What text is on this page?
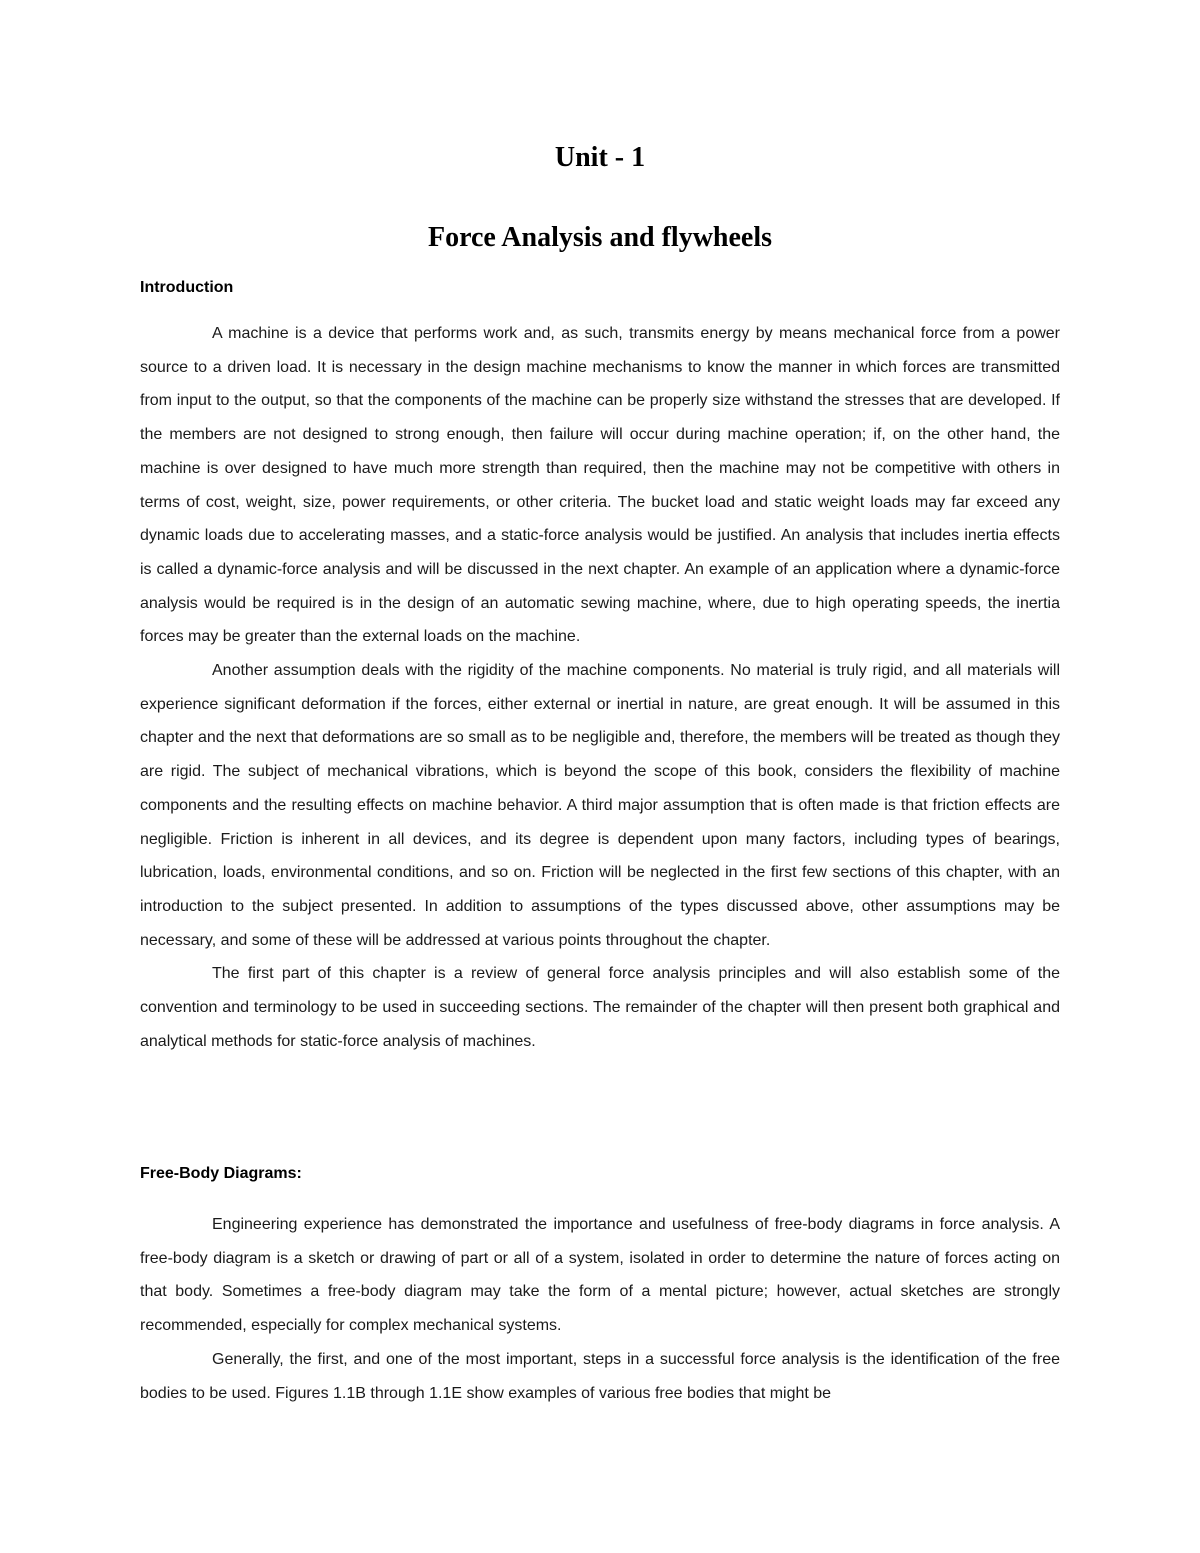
Unit - 1
Force Analysis and flywheels
Introduction

A machine is a device that performs work and, as such, transmits energy by means mechanical force from a power source to a driven load. It is necessary in the design machine mechanisms to know the manner in which forces are transmitted from input to the output, so that the components of the machine can be properly size withstand the stresses that are developed. If the members are not designed to strong enough, then failure will occur during machine operation; if, on the other hand, the machine is over designed to have much more strength than required, then the machine may not be competitive with others in terms of cost, weight, size, power requirements, or other criteria. The bucket load and static weight loads may far exceed any dynamic loads due to accelerating masses, and a static-force analysis would be justified. An analysis that includes inertia effects is called a dynamic-force analysis and will be discussed in the next chapter. An example of an application where a dynamic-force analysis would be required is in the design of an automatic sewing machine, where, due to high operating speeds, the inertia forces may be greater than the external loads on the machine.

Another assumption deals with the rigidity of the machine components. No material is truly rigid, and all materials will experience significant deformation if the forces, either external or inertial in nature, are great enough. It will be assumed in this chapter and the next that deformations are so small as to be negligible and, therefore, the members will be treated as though they are rigid. The subject of mechanical vibrations, which is beyond the scope of this book, considers the flexibility of machine components and the resulting effects on machine behavior. A third major assumption that is often made is that friction effects are negligible. Friction is inherent in all devices, and its degree is dependent upon many factors, including types of bearings, lubrication, loads, environmental conditions, and so on. Friction will be neglected in the first few sections of this chapter, with an introduction to the subject presented. In addition to assumptions of the types discussed above, other assumptions may be necessary, and some of these will be addressed at various points throughout the chapter.

The first part of this chapter is a review of general force analysis principles and will also establish some of the convention and terminology to be used in succeeding sections. The remainder of the chapter will then present both graphical and analytical methods for static-force analysis of machines.

Free-Body Diagrams:

Engineering experience has demonstrated the importance and usefulness of free-body diagrams in force analysis. A free-body diagram is a sketch or drawing of part or all of a system, isolated in order to determine the nature of forces acting on that body. Sometimes a free-body diagram may take the form of a mental picture; however, actual sketches are strongly recommended, especially for complex mechanical systems.

Generally, the first, and one of the most important, steps in a successful force analysis is the identification of the free bodies to be used. Figures 1.1B through 1.1E show examples of various free bodies that might be
